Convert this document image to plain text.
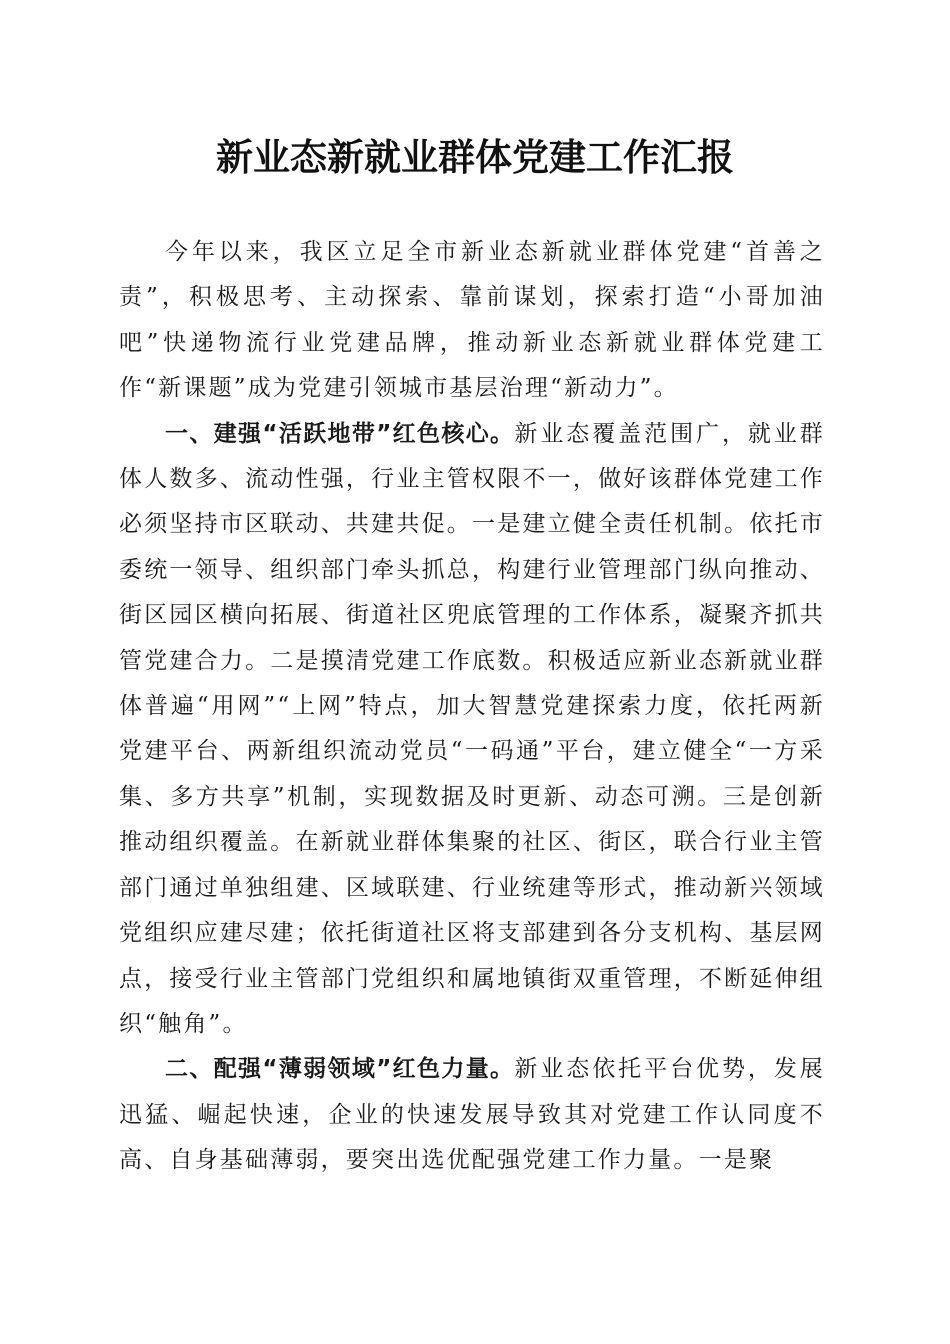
新业态新就业群体党建工作汇报

今年以来，我区立足全市新业态新就业群体党建“首善之责”，积极思考、主动探索、靠前谋划，探索打造“小哥加油吧”快递物流行业党建品牌，推动新业态新就业群体党建工作“新课题”成为党建引领城市基层治理“新动力”。

一、建强“活跃地带”红色核心。新业态覆盖范围广，就业群体人数多、流动性强，行业主管权限不一，做好该群体党建工作必须坚持市区联动、共建共促。一是建立健全责任机制。依托市委统一领导、组织部门牵头抓总，构建行业管理部门纵向推动、街区园区横向拓展、街道社区兜底管理的工作体系，凝聚齐抓共管党建合力。二是摸清党建工作底数。积极适应新业态新就业群体普遍“用网”“上网”特点，加大智慧党建探索力度，依托两新党建平台、两新组织流动党员“一码通”平台，建立健全“一方采集、多方共享”机制，实现数据及时更新、动态可溯。三是创新推动组织覆盖。在新就业群体集聚的社区、街区，联合行业主管部门通过单独组建、区域联建、行业统建等形式，推动新兴领域党组织应建尽建；依托街道社区将支部建到各分支机构、基层网点，接受行业主管部门党组织和属地镇街双重管理，不断延伸组织“触角”。

二、配强“薄弱领域”红色力量。新业态依托平台优势，发展迅猛、崛起快速，企业的快速发展导致其对党建工作认同度不高、自身基础薄弱，要突出选优配强党建工作力量。一是聚
